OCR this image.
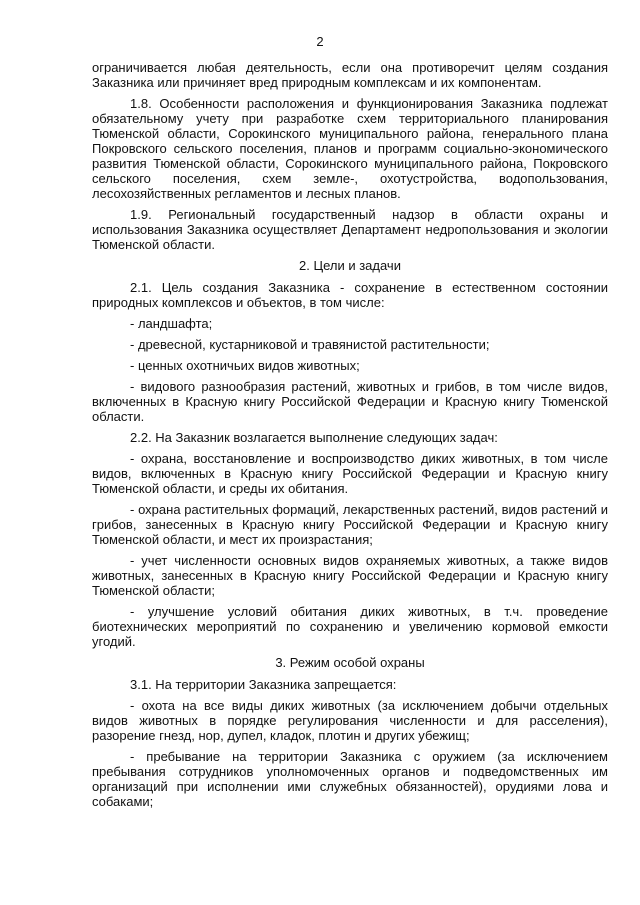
2

ограничивается любая деятельность, если она противоречит целям создания Заказника или причиняет вред природным комплексам и их компонентам.

1.8. Особенности расположения и функционирования Заказника подлежат обязательному учету при разработке схем территориального планирования Тюменской области, Сорокинского муниципального района, генерального плана Покровского сельского поселения, планов и программ социально-экономического развития Тюменской области, Сорокинского муниципального района, Покровского сельского поселения, схем земле-, охотустройства, водопользования, лесохозяйственных регламентов и лесных планов.

1.9. Региональный государственный надзор в области охраны и использования Заказника осуществляет Департамент недропользования и экологии Тюменской области.

2. Цели и задачи

2.1. Цель создания Заказника - сохранение в естественном состоянии природных комплексов и объектов, в том числе:

- ландшафта;

- древесной, кустарниковой и травянистой растительности;

- ценных охотничьих видов животных;

- видового разнообразия растений, животных и грибов, в том числе видов, включенных в Красную книгу Российской Федерации и Красную книгу Тюменской области.

2.2. На Заказник возлагается выполнение следующих задач:

- охрана, восстановление и воспроизводство диких животных, в том числе видов, включенных в Красную книгу Российской Федерации и Красную книгу Тюменской области, и среды их обитания.

- охрана растительных формаций, лекарственных растений, видов растений и грибов, занесенных в Красную книгу Российской Федерации и Красную книгу Тюменской области, и мест их произрастания;

- учет численности основных видов охраняемых животных, а также видов животных, занесенных в Красную книгу Российской Федерации и Красную книгу Тюменской области;

- улучшение условий обитания диких животных, в т.ч. проведение биотехнических мероприятий по сохранению и увеличению кормовой емкости угодий.

3. Режим особой охраны

3.1. На территории Заказника запрещается:

- охота на все виды диких животных (за исключением добычи отдельных видов животных в порядке регулирования численности и для расселения), разорение гнезд, нор, дупел, кладок, плотин и других убежищ;

- пребывание на территории Заказника с оружием (за исключением пребывания сотрудников уполномоченных органов и подведомственных им организаций при исполнении ими служебных обязанностей), орудиями лова и собаками;
